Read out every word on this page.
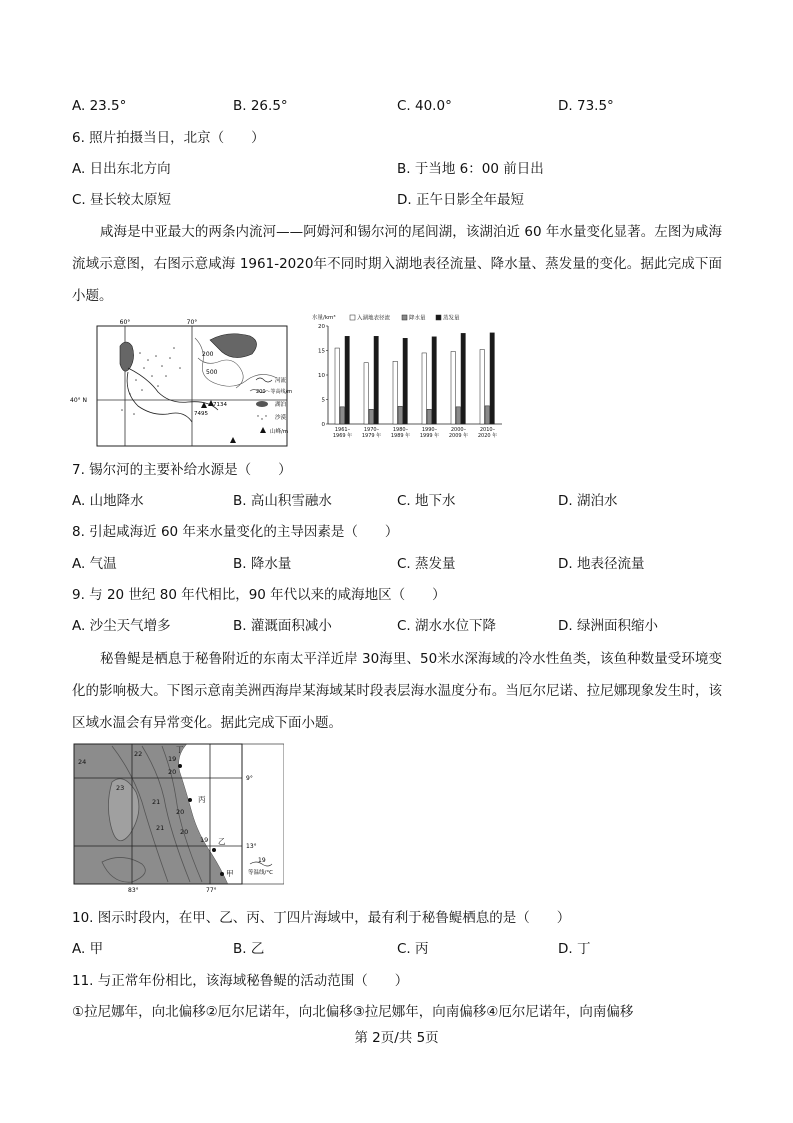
A. 23.5°	B. 26.5°	C. 40.0°	D. 73.5°
6. 照片拍摄当日，北京（　　）
A. 日出东北方向	B. 于当地 6：00 前日出
C. 昼长较太原短	D. 正午日影全年最短
咸海是中亚最大的两条内流河——阿姆河和锡尔河的尾闾湖，该湖泊近 60 年水量变化显著。左图为咸海流域示意图，右图示意咸海 1961-2020年不同时期入湖地表径流量、降水量、蒸发量的变化。据此完成下面小题。
60°	70°
40° N
500
200
7134
7495
河流
200～等高线/m
湖泊
沙漠
山峰/m
水量/km³
0
5
10
15
20
1961–
1969 年
1970–
1979 年
1980–
1989 年
1990–
1999 年
2000–
2009 年
2010–
2020 年
入湖地表径流	降水量	蒸发量
7. 锡尔河的主要补给水源是（　　）
A. 山地降水	B. 高山积雪融水	C. 地下水	D. 湖泊水
8. 引起咸海近 60 年来水量变化的主导因素是（　　）
A. 气温	B. 降水量	C. 蒸发量	D. 地表径流量
9. 与 20 世纪 80 年代相比，90 年代以来的咸海地区（　　）
A. 沙尘天气增多	B. 灌溉面积减小	C. 湖水水位下降	D. 绿洲面积缩小
秘鲁鳀是栖息于秘鲁附近的东南太平洋近岸 30海里、50米水深海域的冷水性鱼类，该鱼种数量受环境变化的影响极大。下图示意南美洲西海岸某海域某时段表层海水温度分布。当厄尔尼诺、拉尼娜现象发生时，该区域水温会有异常变化。据此完成下面小题。
24
22
19
20
23
21
20
21 20
19
丁
丙
乙
甲
9°
13°
83°	77°
19
等温线/°C
10. 图示时段内，在甲、乙、丙、丁四片海域中，最有利于秘鲁鳀栖息的是（　　）
A. 甲	B. 乙	C. 丙	D. 丁
11. 与正常年份相比，该海域秘鲁鳀的活动范围（　　）
①拉尼娜年，向北偏移②厄尔尼诺年，向北偏移③拉尼娜年，向南偏移④厄尔尼诺年，向南偏移
第 2页/共 5页
